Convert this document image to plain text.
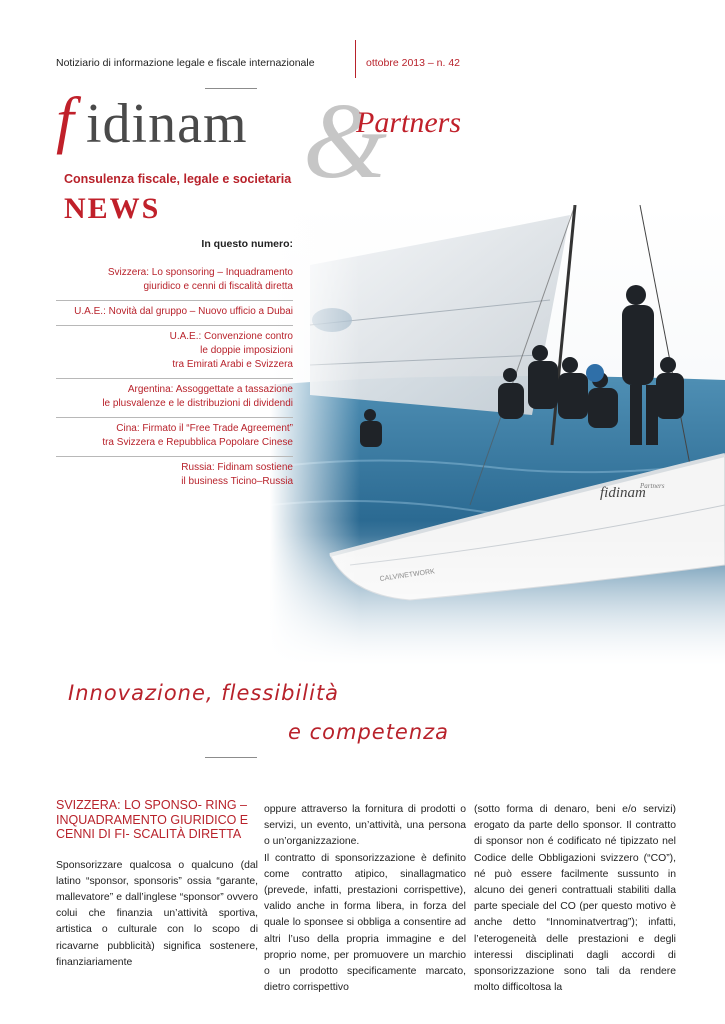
Notiziario di informazione legale e fiscale internazionale	ottobre 2013 – n. 42
&
f idinam	Partners
Consulenza fiscale, legale e societaria
NEWS
fidinam
Partners
In questo numero:
Svizzera: Lo sponsoring – Inquadramento
giuridico e cenni di fiscalità diretta
U.A.E.: Novità dal gruppo – Nuovo ufficio a Dubai
U.A.E.: Convenzione contro
le doppie imposizioni
tra Emirati Arabi e Svizzera
Argentina: Assoggettate a tassazione
le plusvalenze e le distribuzioni di dividendi
Cina: Firmato il “Free Trade Agreement”
tra Svizzera e Repubblica Popolare Cinese
Russia: Fidinam sostiene
il business Ticino–Russia
Innovazione, flessibilità
e competenza

SVIZZERA: LO SPONSO- RING – INQUADRAMENTO GIURIDICO E CENNI DI FI- SCALITÀ DIRETTA

Sponsorizzare qualcosa o qualcuno (dal latino “sponsor, sponsoris” ossia “garante, mallevatore” e dall’inglese “sponsor” ovvero colui che finanzia un’attività sportiva, artistica o culturale con lo scopo di ricavarne pubblicità) significa sostenere, finanziariamente

oppure attraverso la fornitura di prodotti o servizi, un evento, un’attività, una persona o un’organizzazione.

Il contratto di sponsorizzazione è definito come contratto atipico, sinallagmatico (prevede, infatti, prestazioni corrispettive), valido anche in forma libera, in forza del quale lo sponsee si obbliga a consentire ad altri l’uso della propria immagine e del proprio nome, per promuovere un marchio o un prodotto specificamente marcato, dietro corrispettivo

(sotto forma di denaro, beni e/o servizi) erogato da parte dello sponsor. Il contratto di sponsor non é codificato né tipizzato nel Codice delle Obbligazioni svizzero (“CO”), né può essere facilmente sussunto in alcuno dei generi contrattuali stabiliti dalla parte speciale del CO (per questo motivo è anche detto “Innominatvertrag”); infatti, l’eterogeneità delle prestazioni e degli interessi disciplinati dagli accordi di sponsorizzazione sono tali da rendere molto difficoltosa la
